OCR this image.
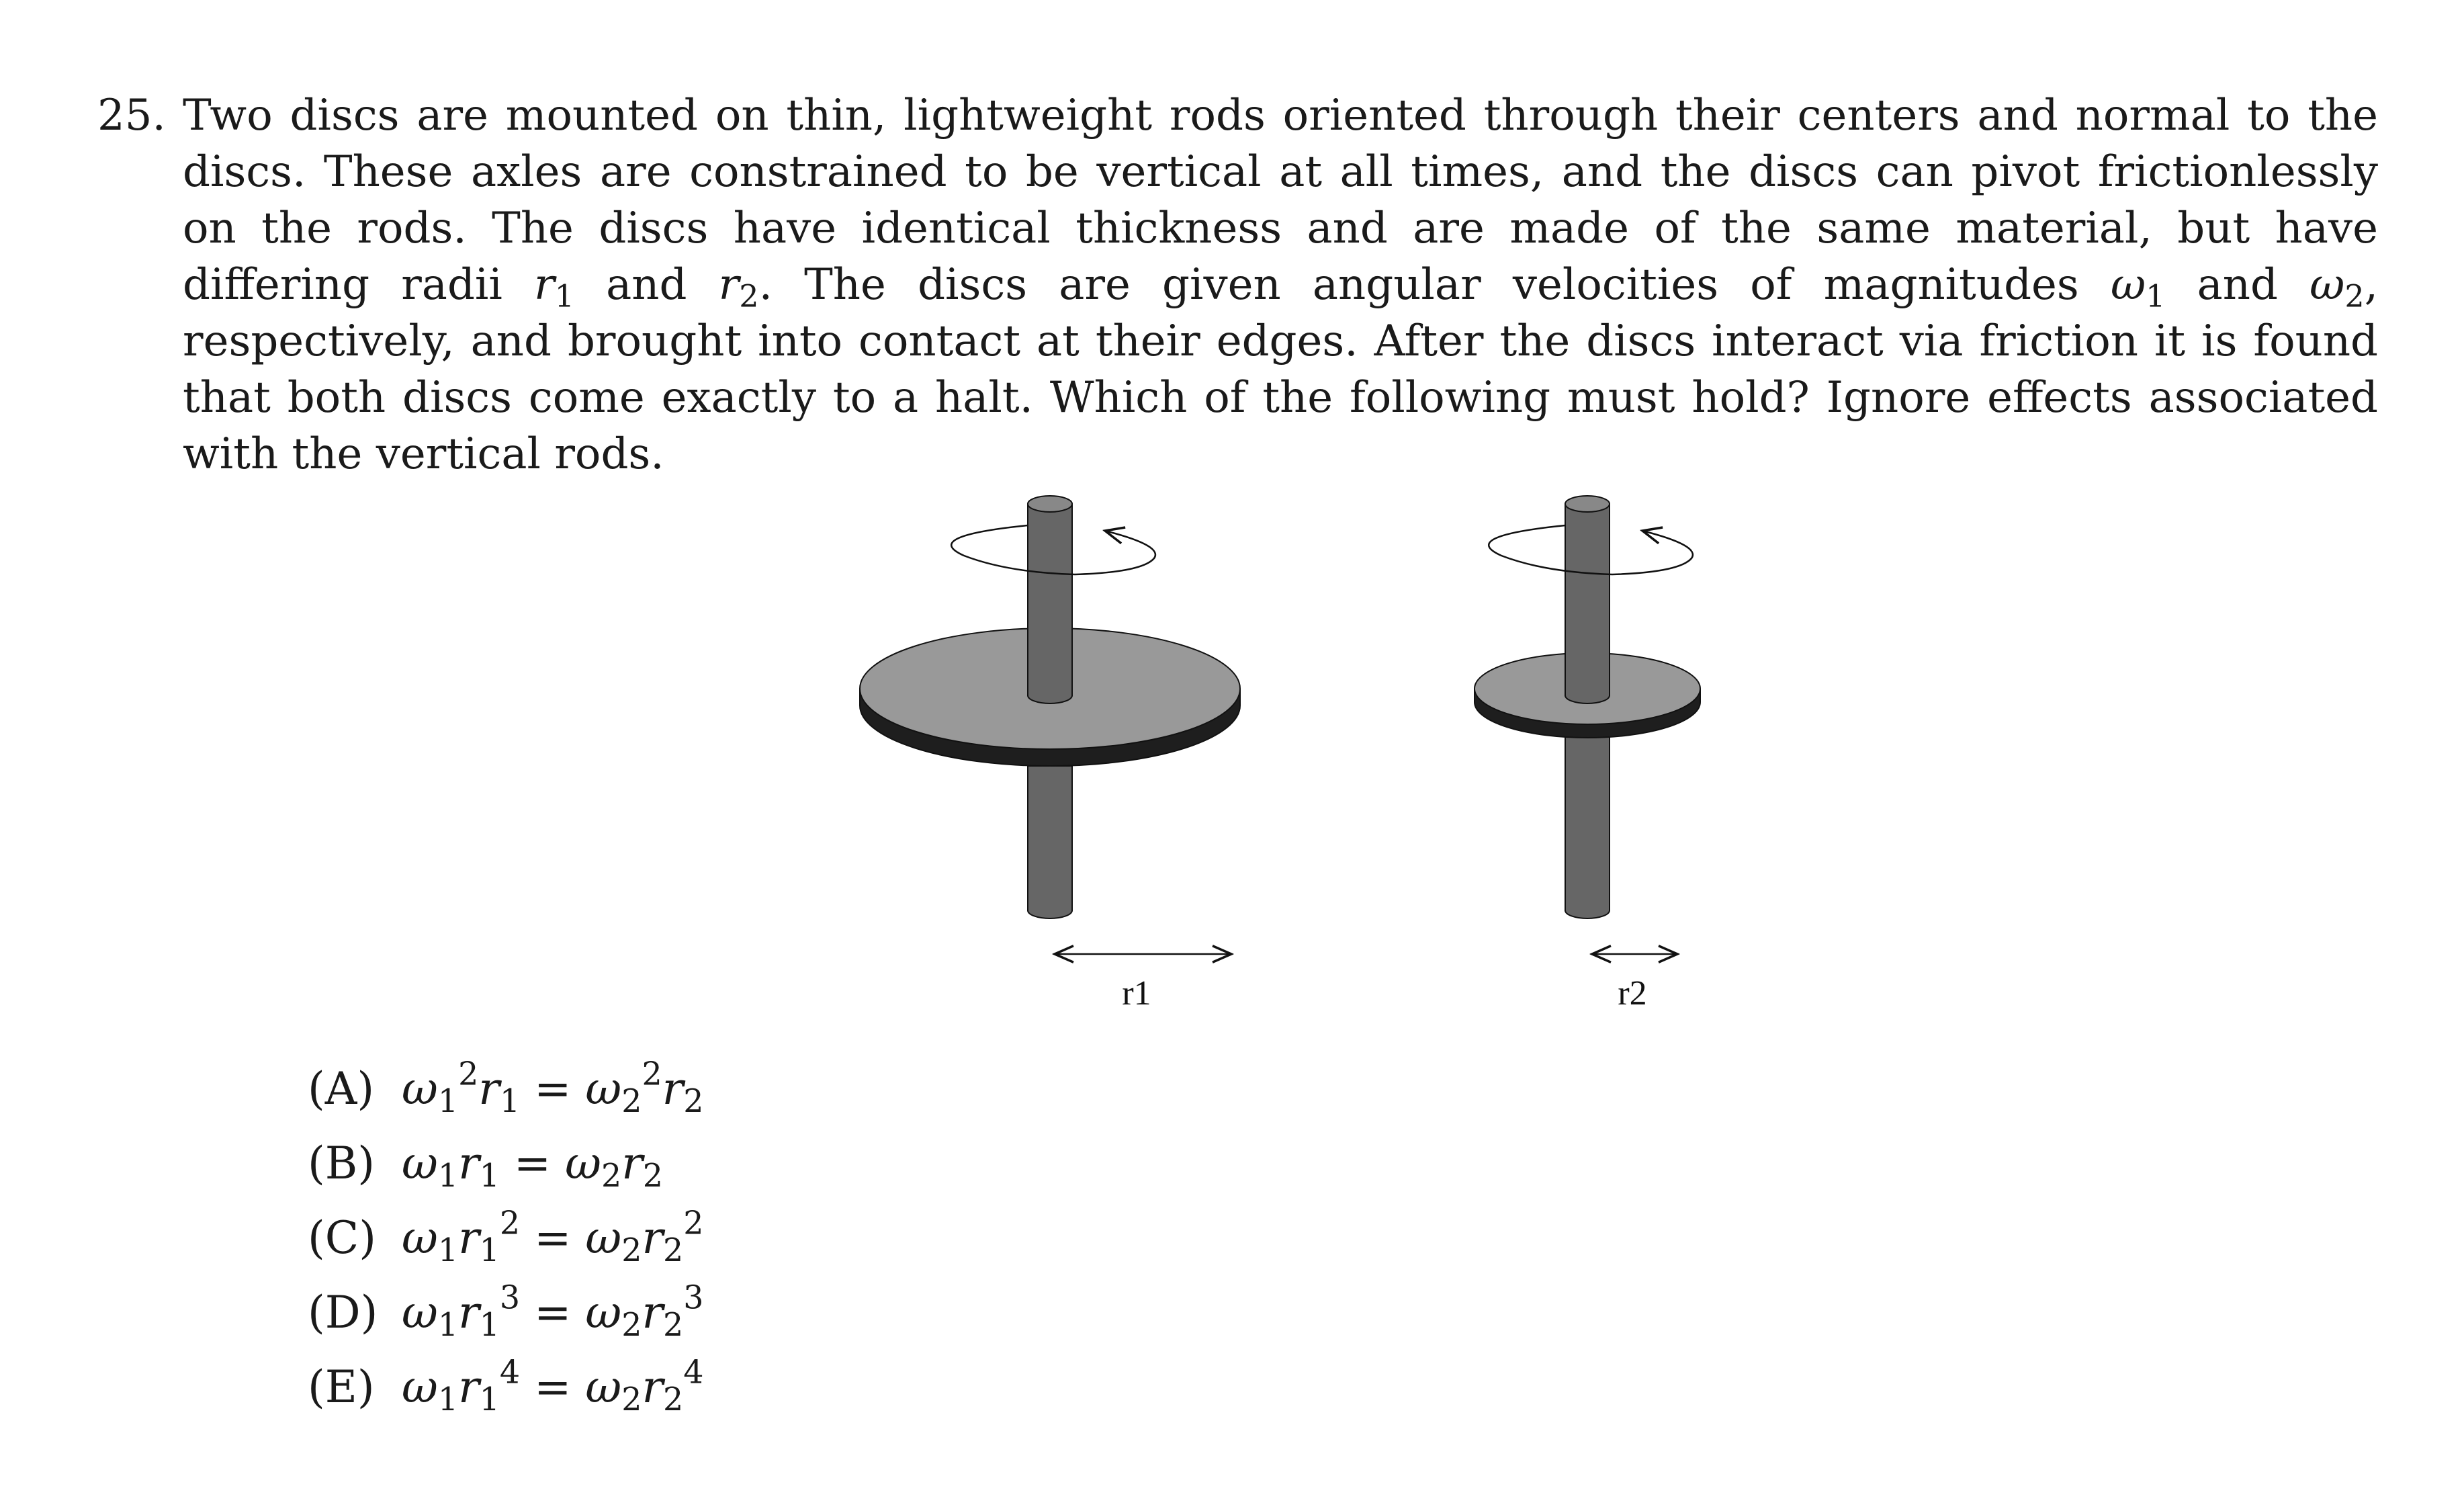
25. Two discs are mounted on thin, lightweight rods oriented through their centers and normal to the discs. These axles are constrained to be vertical at all times, and the discs can pivot frictionlessly on the rods. The discs have identical thickness and are made of the same material, but have differing radii $r_1$ and $r_2$. The discs are given angular velocities of magnitudes $\omega_1$ and $\omega_2$, respectively, and brought into contact at their edges. After the discs interact via friction it is found that both discs come exactly to a halt. Which of the following must hold? Ignore effects associated with the vertical rods.
r1	r2
(A) $\omega_1^2r_1 = \omega_2^2r_2$
(B) $\omega_1r_1 = \omega_2r_2$
(C) $\omega_1r_1^2 = \omega_2r_2^2$
(D) $\omega_1r_1^3 = \omega_2r_2^3$
(E) $\omega_1r_1^4 = \omega_2r_2^4$
